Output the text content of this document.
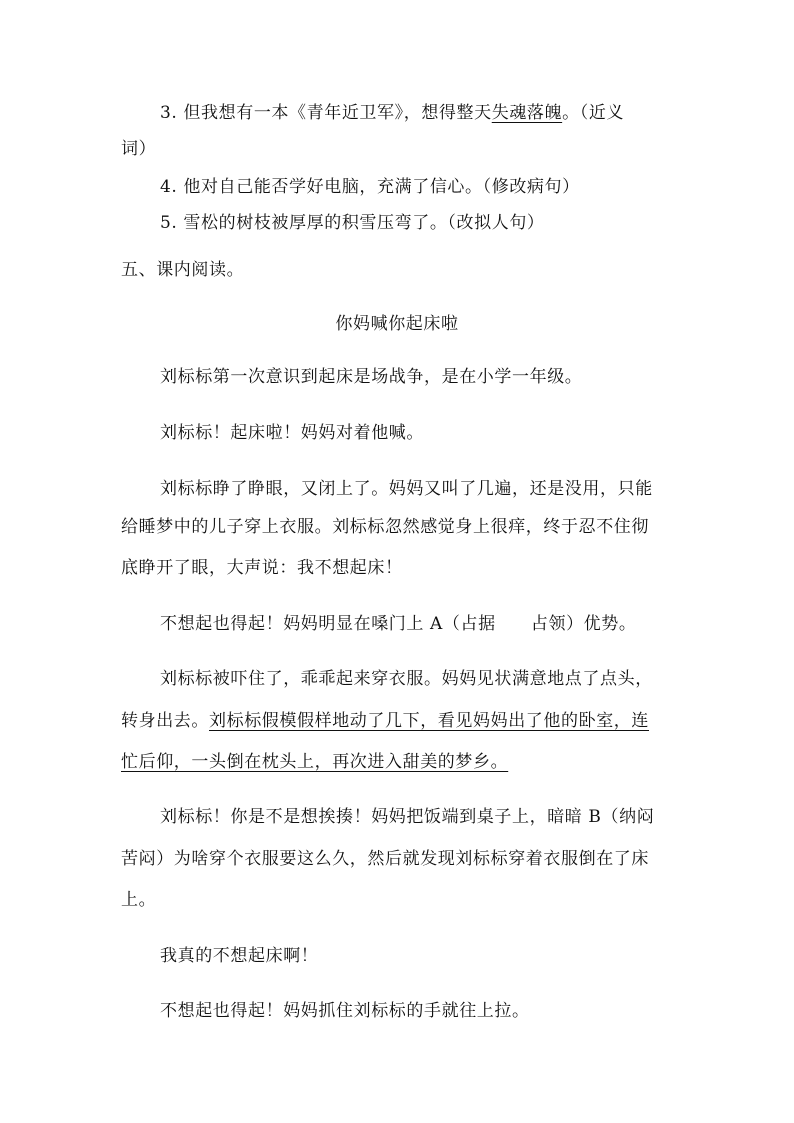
3. 但我想有一本《青年近卫军》，想得整天失魂落魄。（近义
词）
4. 他对自己能否学好电脑，充满了信心。（修改病句）
5. 雪松的树枝被厚厚的积雪压弯了。（改拟人句）
五、课内阅读。
你妈喊你起床啦
刘标标第一次意识到起床是场战争，是在小学一年级。
刘标标！起床啦！妈妈对着他喊。
刘标标睁了睁眼，又闭上了。妈妈又叫了几遍，还是没用，只能
给睡梦中的儿子穿上衣服。刘标标忽然感觉身上很痒，终于忍不住彻
底睁开了眼，大声说：我不想起床！
不想起也得起！妈妈明显在嗓门上 A（占据　　占领）优势。
刘标标被吓住了，乖乖起来穿衣服。妈妈见状满意地点了点头，
转身出去。刘标标假模假样地动了几下，看见妈妈出了他的卧室，连
忙后仰，一头倒在枕头上，再次进入甜美的梦乡。
刘标标！你是不是想挨揍！妈妈把饭端到桌子上，暗暗 B（纳闷
苦闷）为啥穿个衣服要这么久，然后就发现刘标标穿着衣服倒在了床
上。
我真的不想起床啊！
不想起也得起！妈妈抓住刘标标的手就往上拉。
